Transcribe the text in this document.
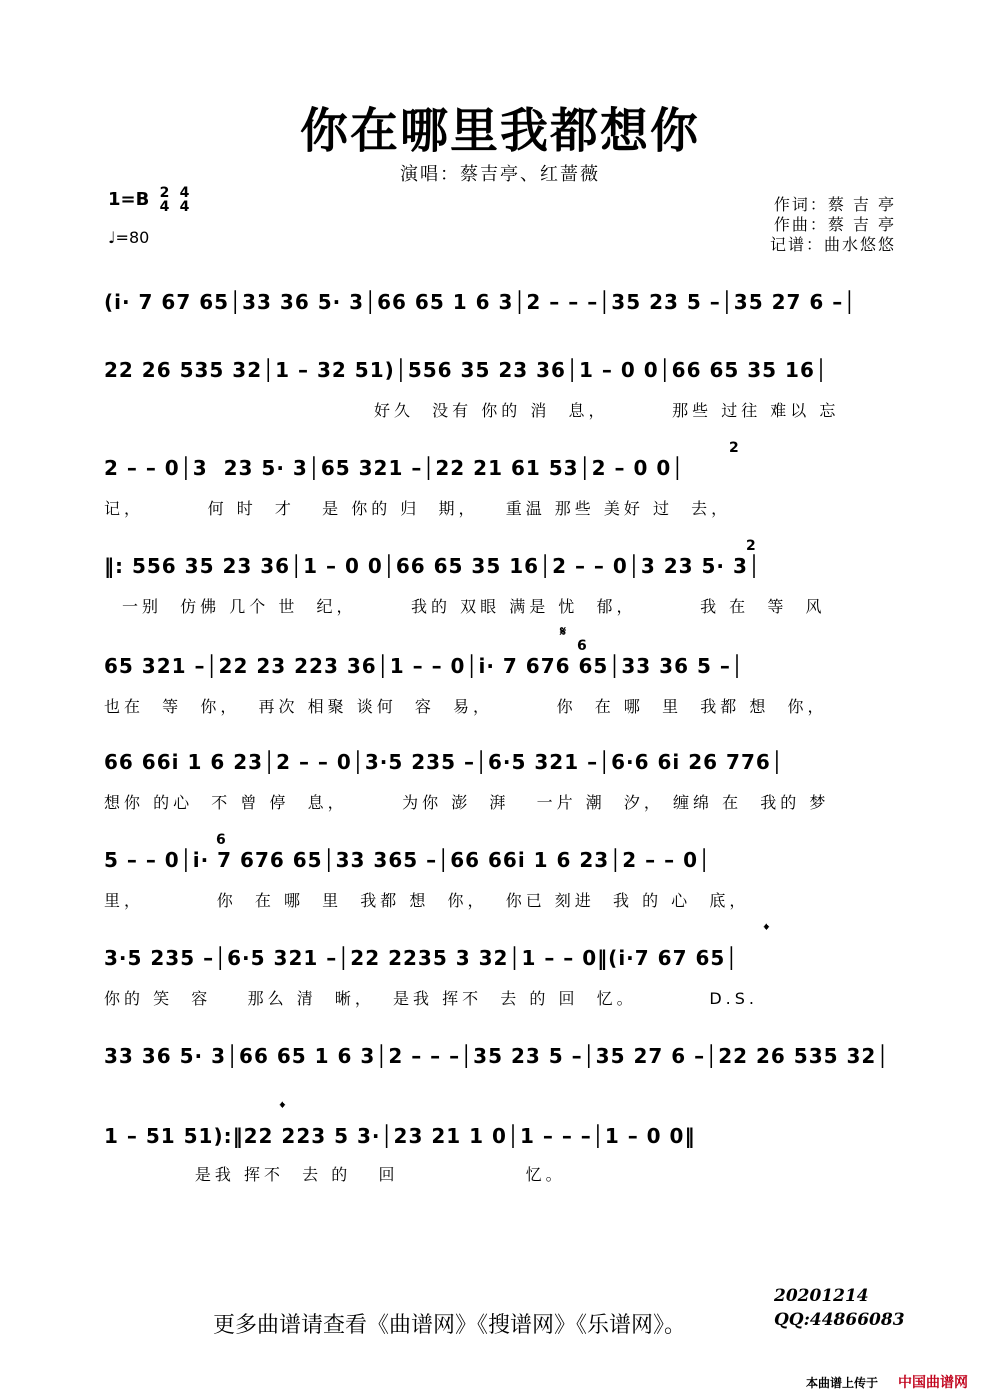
你在哪里我都想你
演唱：蔡吉亭、红蔷薇
1=B 2
4

4
4
♩=80
作词：蔡 吉 亭
作曲：蔡 吉 亭
记谱：曲水悠悠
(i· 7 67 65│33 36 5· 3│66 65 1 6 3│2 – – –│35 23 5 –│35 27 6 –│
22 26 535 32│1 – 32 51)│556 35 23 36│1 – 0 0│66 65 35 16│
好久  没有 你的 消  息，       那些 过往 难以 忘
2 – – 0│3  23 5· 3│65 321 –│22 21 61 53│2 – 0 0│
记，       何 时  才   是 你的 归  期，   重温 那些 美好 过  去，
‖: 556 35 23 36│1 – 0 0│66 65 35 16│2 – – 0│3 23 5· 3│
一别  仿佛 几个 世  纪，      我的 双眼 满是 忧  郁，       我 在  等  风
65 321 –│22 23 223 36│1 – – 0│i· 7 676 65│33 36 5 –│
也在  等  你，  再次 相聚 谈何  容  易，       你  在 哪  里  我都 想  你，
66 66i 1 6 23│2 – – 0│3·5 235 –│6·5 321 –│6·6 6i 26 776│
想你 的心  不 曾 停  息，      为你 澎  湃   一片 潮  汐， 缠绵 在  我的 梦
5 – – 0│i· 7 676 65│33 365 –│66 66i 1 6 23│2 – – 0│
里，        你  在 哪  里  我都 想  你，  你已 刻进  我 的 心  底，
3·5 235 –│6·5 321 –│22 2235 3 32│1 – – 0‖(i·7 67 65│
你的 笑  容    那么 清  晰，  是我 挥不  去 的 回  忆。        D.S.
33 36 5· 3│66 65 1 6 3│2 – – –│35 23 5 –│35 27 6 –│22 26 535 32│
1 – 51 51):‖22 223 5 3·│23 21 1 0│1 – – –│1 – 0 0‖
是我 挥不  去 的   回              忆。
𝄋
2
2
6
6
𝄌
𝄌
更多曲谱请查看《曲谱网》《搜谱网》《乐谱网》。
20201214
QQ:44866083
本曲谱上传于 中国曲谱网
